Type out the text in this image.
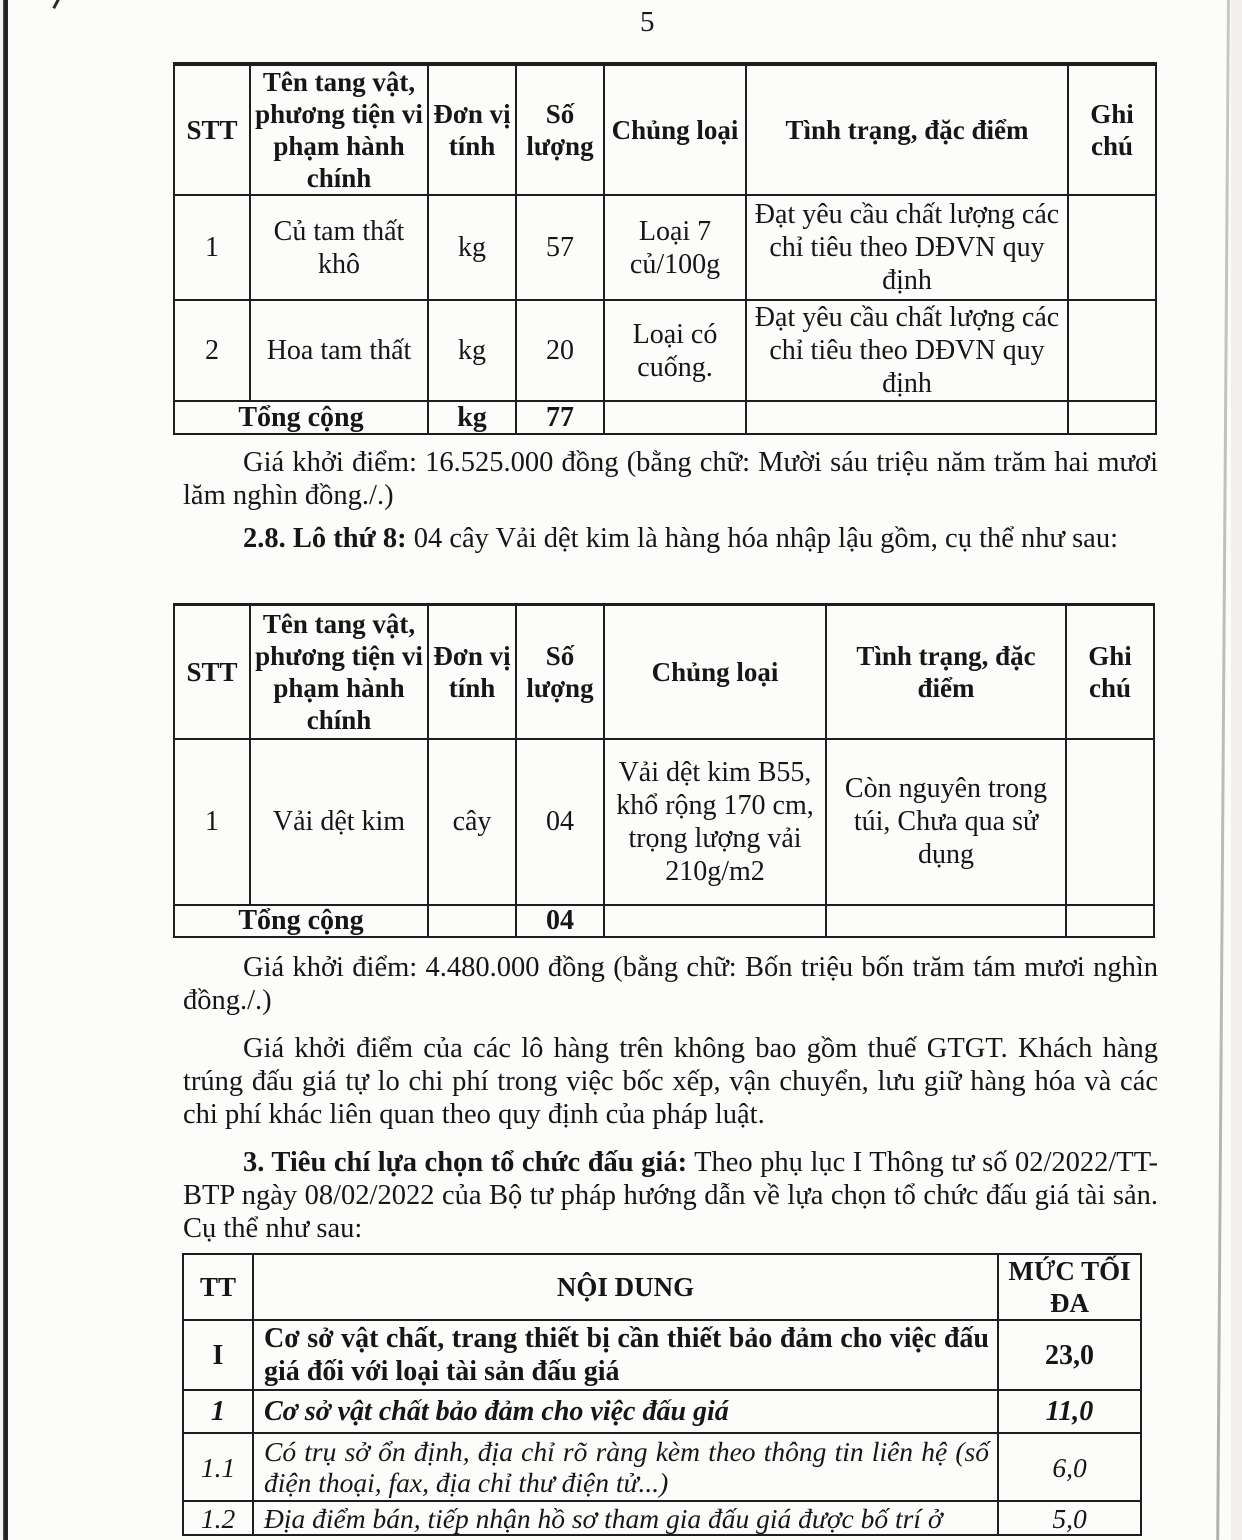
5
STT	Tên tang vật, phương tiện vi phạm hành chính	Đơn vị tính	Số lượng	Chủng loại	Tình trạng, đặc điểm	Ghi chú
1	Củ tam thất khô	kg	57	Loại 7 củ/100g	Đạt yêu cầu chất lượng các chỉ tiêu theo DĐVN quy định	
2	Hoa tam thất	kg	20	Loại có cuống.	Đạt yêu cầu chất lượng các chỉ tiêu theo DĐVN quy định	
Tổng cộng		kg	77			
Giá khởi điểm: 16.525.000 đồng (bằng chữ: Mười sáu triệu năm trăm hai mươi lăm nghìn đồng./.)
2.8. Lô thứ 8: 04 cây Vải dệt kim là hàng hóa nhập lậu gồm, cụ thể như sau:
STT	Tên tang vật, phương tiện vi phạm hành chính	Đơn vị tính	Số lượng	Chủng loại	Tình trạng, đặc điểm	Ghi chú
1	Vải dệt kim	cây	04	Vải dệt kim B55, khổ rộng 170 cm, trọng lượng vải 210g/m2	Còn nguyên trong túi, Chưa qua sử dụng	
Tổng cộng			04			
Giá khởi điểm: 4.480.000 đồng (bằng chữ: Bốn triệu bốn trăm tám mươi nghìn đồng./.)
Giá khởi điểm của các lô hàng trên không bao gồm thuế GTGT. Khách hàng trúng đấu giá tự lo chi phí trong việc bốc xếp, vận chuyển, lưu giữ hàng hóa và các chi phí khác liên quan theo quy định của pháp luật.
3. Tiêu chí lựa chọn tổ chức đấu giá: Theo phụ lục I Thông tư số 02/2022/TT-BTP ngày 08/02/2022 của Bộ tư pháp hướng dẫn về lựa chọn tổ chức đấu giá tài sản. Cụ thể như sau:
TT	NỘI DUNG	MỨC TỐI ĐA
I	Cơ sở vật chất, trang thiết bị cần thiết bảo đảm cho việc đấu giá đối với loại tài sản đấu giá	23,0
1	Cơ sở vật chất bảo đảm cho việc đấu giá	11,0
1.1	Có trụ sở ổn định, địa chỉ rõ ràng kèm theo thông tin liên hệ (số điện thoại, fax, địa chỉ thư điện tử...)	6,0
1.2	Địa điểm bán, tiếp nhận hồ sơ tham gia đấu giá được bố trí ở	5,0
